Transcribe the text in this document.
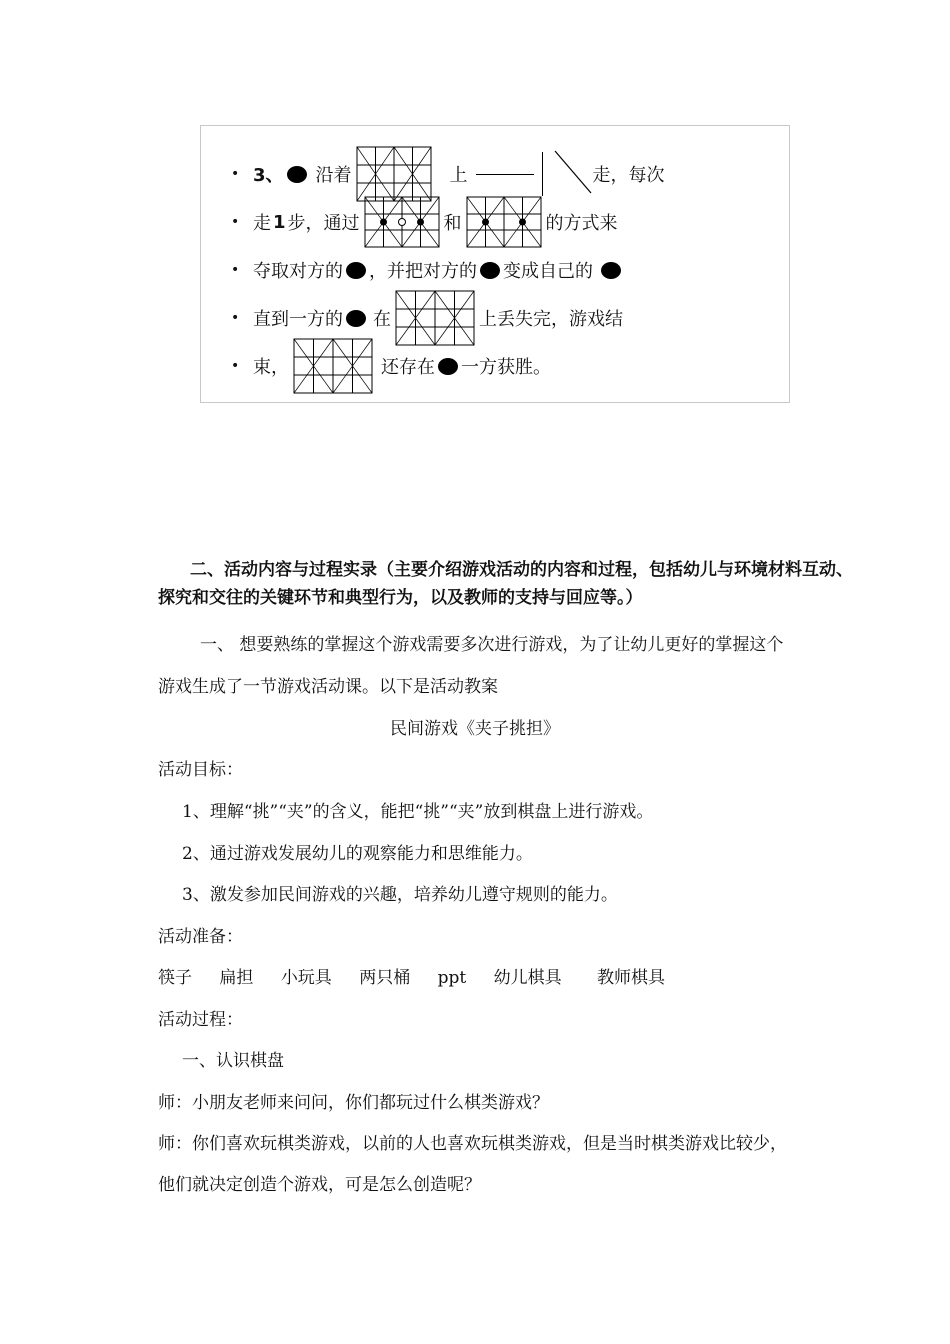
• 3、 沿着	上	走，每次
• 走 1 步，通过	和	的方式来
• 夺取对方的 ，并把对方的 变成自己的
• 直到一方的 在	上丢失完，游戏结
• 束，	还存在 一方获胜。
二、活动内容与过程实录（主要介绍游戏活动的内容和过程，包括幼儿与环境材料互动、探究和交往的关键环节和典型行为，以及教师的支持与回应等。）
一、 想要熟练的掌握这个游戏需要多次进行游戏，为了让幼儿更好的掌握这个
游戏生成了一节游戏活动课。以下是活动教案
民间游戏《夹子挑担》
活动目标：
1、理解“挑”“夹”的含义，能把“挑”“夹”放到棋盘上进行游戏。
2、通过游戏发展幼儿的观察能力和思维能力。
3、激发参加民间游戏的兴趣，培养幼儿遵守规则的能力。
活动准备：
筷子 扁担 小玩具 两只桶 ppt 幼儿棋具 教师棋具
活动过程：
一、认识棋盘
师：小朋友老师来问问，你们都玩过什么棋类游戏？
师：你们喜欢玩棋类游戏，以前的人也喜欢玩棋类游戏，但是当时棋类游戏比较少，
他们就决定创造个游戏，可是怎么创造呢？
